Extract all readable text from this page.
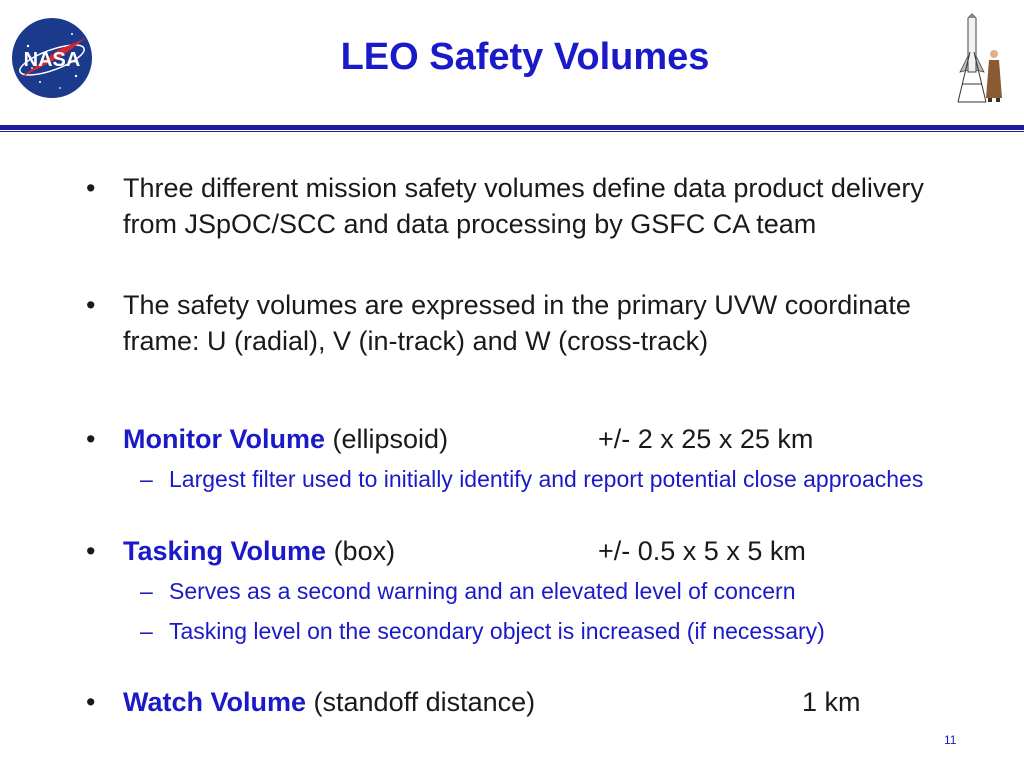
NASA	LEO Safety Volumes
• Three different mission safety volumes define data product delivery from JSpOC/SCC and data processing by GSFC CA team
• The safety volumes are expressed in the primary UVW coordinate frame: U (radial), V (in-track) and W (cross-track)
• Monitor Volume (ellipsoid)	+/- 2 x 25 x 25 km
– Largest filter used to initially identify and report potential close approaches
• Tasking Volume (box)	+/- 0.5 x 5 x 5 km
– Serves as a second warning and an elevated level of concern
– Tasking level on the secondary object is increased (if necessary)
• Watch Volume (standoff distance)	1 km
11
